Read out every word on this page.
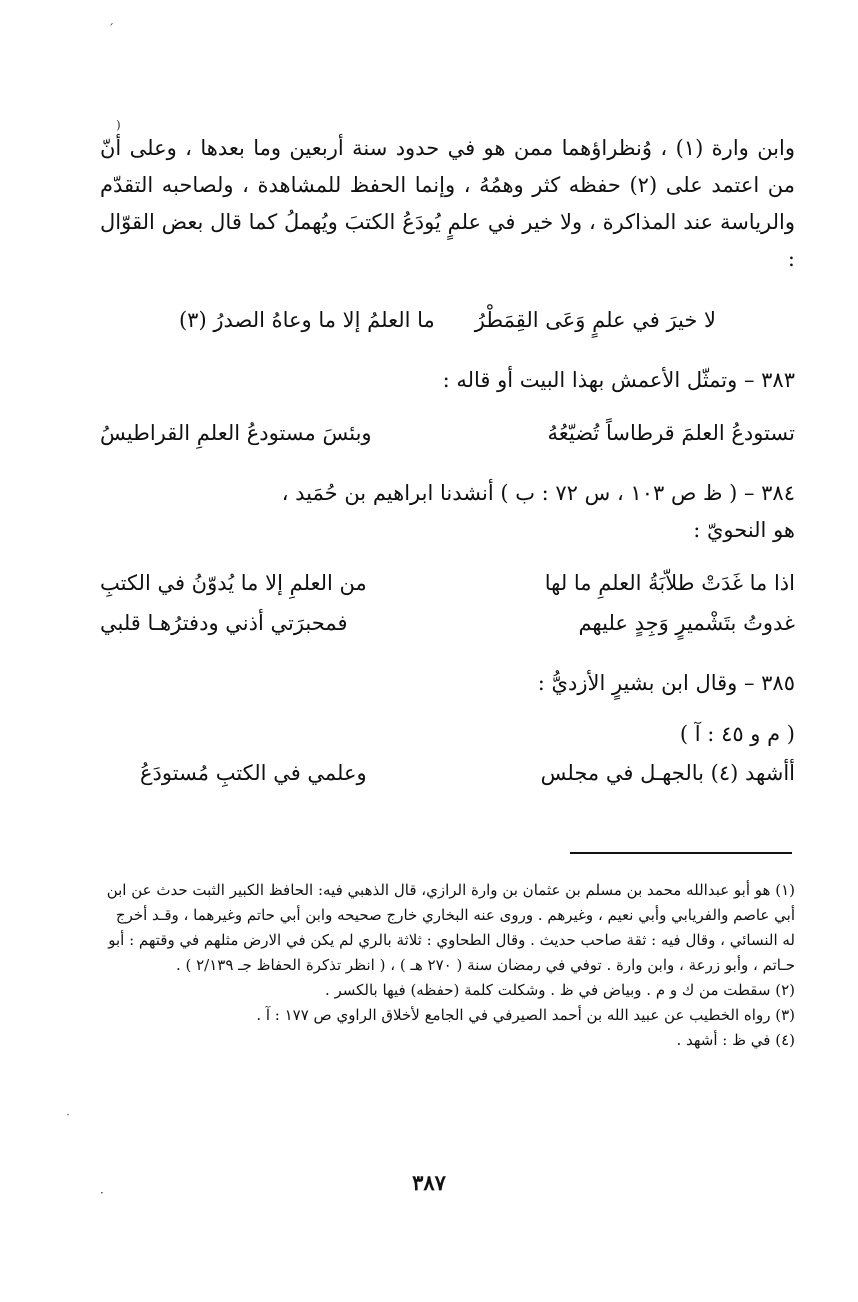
ˊ
)
ˑ
·

وابن وارة (١) ، وُنظراؤهما ممن هو في حدود سنة أربعين وما بعدها ، وعلى أنّ من اعتمد على (٢) حفظه كثر وهمُهُ ، وإنما الحفظ للمشاهدة ، ولصاحبه التقدّم والرياسة عند المذاكرة ، ولا خير في علمٍ يُودَعُ الكتبَ ويُهملُ كما قال بعض القوّال :

لا خيرَ في علمٍ وَعَى القِمَطْرُ
ما العلمُ إلا ما وعاهُ الصدرُ (٣)

٣٨٣ – وتمثّل الأعمش بهذا البيت أو قاله :

تستودعُ العلمَ قرطاساً تُضيّعُهُ
وبئسَ مستودعُ العلمِ القراطيسُ

٣٨٤ – ( ظ ص ١٠٣ ، س ٧٢ : ب ) أنشدنا ابراهيم بن حُمَيد ،

هو النحويّ :

اذا ما غَدَتْ طلاّبَةُ العلمِ ما لها
من العلمِ إلا ما يُدوّنُ في الكتبِ
غدوتُ بتَشْميرٍ وَجِدٍ عليهم
فمحبرَتي أذني ودفترُهـا قلبي

٣٨٥ – وقال ابن بشيرٍ الأزديُّ :

( م و ٤٥ : آ )

أأشهد (٤) بالجهـل في مجلس
وعلمي في الكتبِ مُستودَعُ

(١) هو أبو عبدالله محمد بن مسلم بن عثمان بن وارة الرازي، قال الذهبي فيه: الحافظ الكبير الثبت حدث عن ابن أبي عاصم والفريابي وأبي نعيم ، وغيرهم . وروى عنه البخاري خارج صحيحه وابن أبي حاتم وغيرهما ، وقـد أخرج له النسائي ، وقال فيه : ثقة صاحب حديث . وقال الطحاوي : ثلاثة بالري لم يكن في الارض مثلهم في وقتهم : أبو حـاتم ، وأبو زرعة ، وابن وارة . توفي في رمضان سنة ( ٢٧٠ هـ ) ، ( انظر تذكرة الحفاظ جـ ٢/١٣٩ ) .

(٢) سقطت من ك و م . وبياض في ظ . وشكلت كلمة (حفظه) فيها بالكسر .

(٣) رواه الخطيب عن عبيد الله بن أحمد الصيرفي في الجامع لأخلاق الراوي ص ١٧٧ : آ .

(٤) في ظ : أشهد .

٣٨٧
